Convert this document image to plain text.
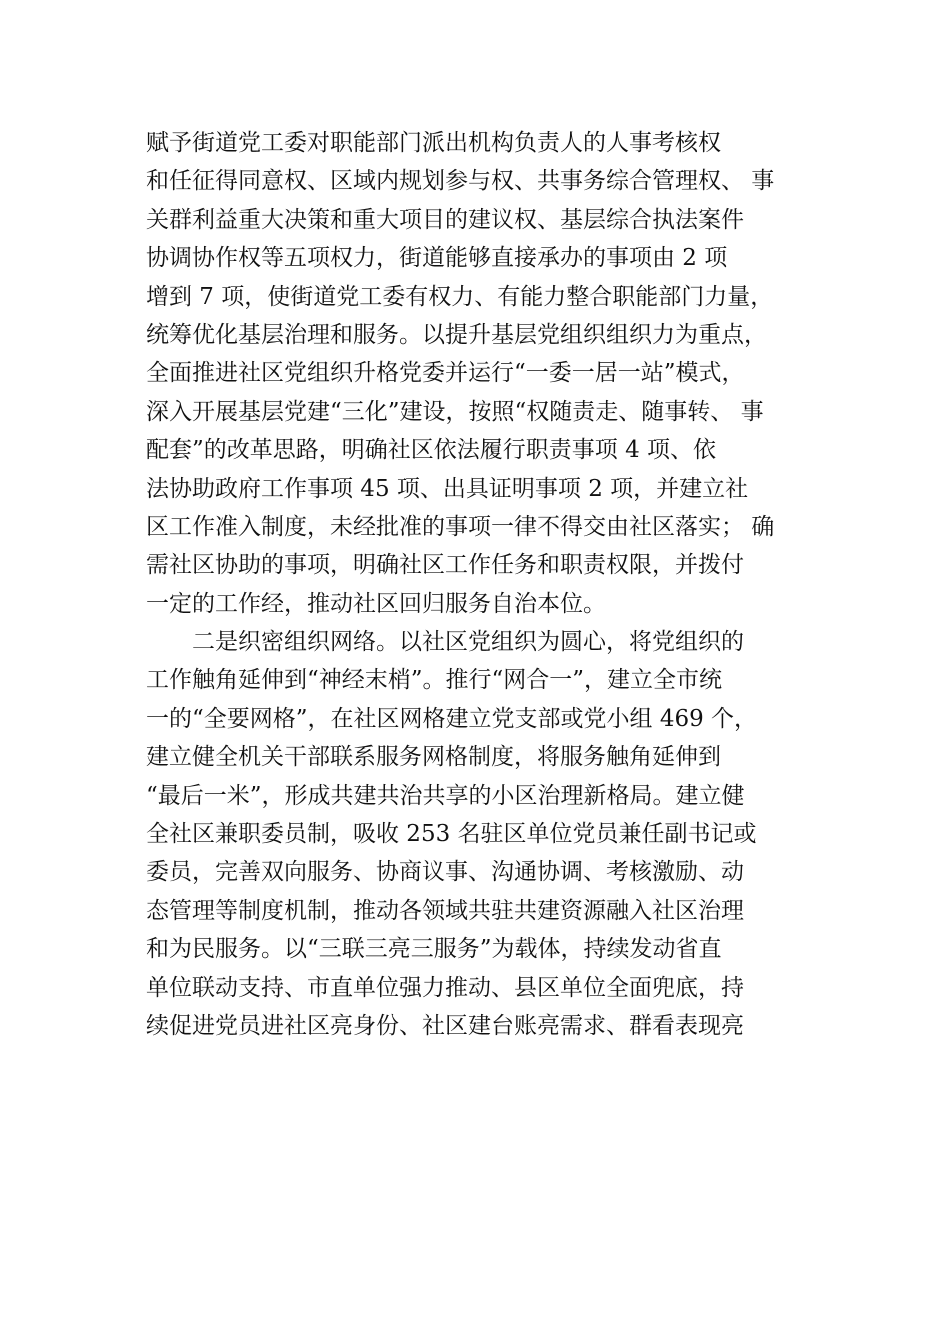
赋予街道党工委对职能部门派出机构负责人的人事考核权
和任征得同意权、区域内规划参与权、共事务综合管理权、 事
关群利益重大决策和重大项目的建议权、基层综合执法案件
协调协作权等五项权力，街道能够直接承办的事项由 2 项
增到 7 项，使街道党工委有权力、有能力整合职能部门力量，
统筹优化基层治理和服务。以提升基层党组织组织力为重点，
全面推进社区党组织升格党委并运行“一委一居一站”模式，
深入开展基层党建“三化”建设，按照“权随责走、随事转、 事
配套”的改革思路，明确社区依法履行职责事项 4 项、依
法协助政府工作事项 45 项、出具证明事项 2 项，并建立社
区工作准入制度，未经批准的事项一律不得交由社区落实； 确
需社区协助的事项，明确社区工作任务和职责权限，并拨付
一定的工作经，推动社区回归服务自治本位。
二是织密组织网络。以社区党组织为圆心，将党组织的
工作触角延伸到“神经末梢”。推行“网合一”，建立全市统
一的“全要网格”，在社区网格建立党支部或党小组 469 个，
建立健全机关干部联系服务网格制度，将服务触角延伸到
“最后一米”，形成共建共治共享的小区治理新格局。建立健
全社区兼职委员制，吸收 253 名驻区单位党员兼任副书记或
委员，完善双向服务、协商议事、沟通协调、考核激励、动
态管理等制度机制，推动各领域共驻共建资源融入社区治理
和为民服务。以“三联三亮三服务”为载体，持续发动省直
单位联动支持、市直单位强力推动、县区单位全面兜底，持
续促进党员进社区亮身份、社区建台账亮需求、群看表现亮
